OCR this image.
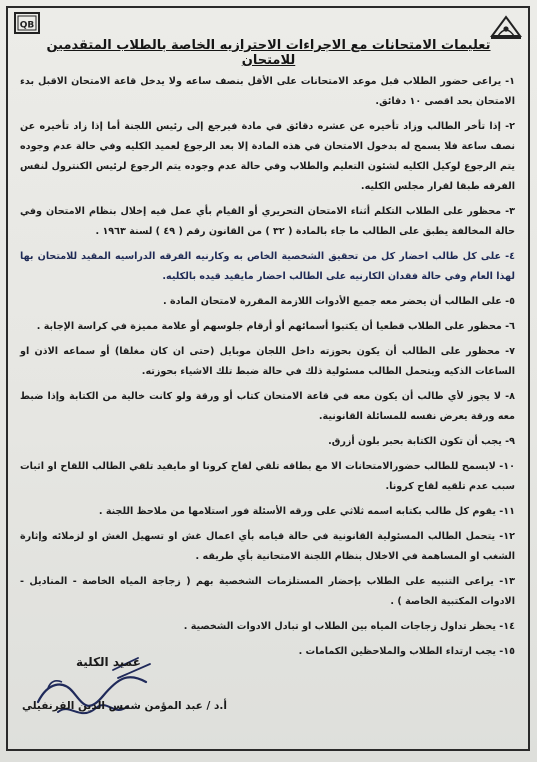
QB
تعليمات الامتحانات مع الاجراءات الاحترازيه الخاصة بالطلاب المتقدمين للامتحان
١- يراعى حضور الطلاب قبل موعد الامتحانات على الأقل بنصف ساعه ولا يدخل قاعة الامتحان الاقبل بدء الامتحان بحد اقصى ١٠ دقائق.
٢- إذا تأخر الطالب وزاد تأخيره عن عشره دقائق في مادة فيرجع إلى رئيس اللجنة أما إذا زاد تأخيره عن نصف ساعة فلا يسمح له بدخول الامتحان في هذه المادة إلا بعد الرجوع لعميد الكليه وفي حالة عدم وجوده يتم الرجوع لوكيل الكليه لشئون التعليم والطلاب وفي حالة عدم وجوده يتم الرجوع لرئيس الكنترول لنفس الفرقه طبقا لقرار مجلس الكليه.
٣- محظور على الطلاب التكلم أثناء الامتحان التحريري أو القيام بأي عمل فيه إخلال بنظام الامتحان وفي حالة المخالفة يطبق على الطالب ما جاء بالمادة ( ٣٢ ) من القانون رقم ( ٤٩ ) لسنة ١٩٦٣ .
٤- على كل طالب احضار كل من تحقيق الشخصية الخاص به وكارنيه الفرقه الدراسيه المقيد للامتحان بها لهذا العام وفي حالة فقدان الكارنيه على الطالب احضار مايفيد قيده بالكليه.
٥- على الطالب أن يحضر معه جميع الأدوات اللازمة المقررة لامتحان المادة .
٦- محظور على الطلاب قطعيا أن يكتبوا أسمائهم أو أرقام جلوسهم أو علامة مميزة في كراسة الإجابة .
٧- محظور على الطالب أن يكون بحوزته داخل اللجان موبايل (حتى ان كان مغلقا) أو سماعه الاذن او الساعات الذكيه ويتحمل الطالب مسئولية ذلك في حالة ضبط تلك الاشياء بحوزته.
٨- لا يجوز لأي طالب أن يكون معه في قاعة الامتحان كتاب أو ورقة ولو كانت خالية من الكتابة وإذا ضبط معه ورقة يعرض نفسه للمسائلة القانونية.
٩- يجب أن تكون الكتابة بحبر بلون أزرق.
١٠- لايسمح للطالب حضورالامتحانات الا مع بطاقه تلقي لقاح كرونا او مايفيد تلقي الطالب اللقاح او اثبات سبب عدم تلقيه لقاح كرونا.
١١- يقوم كل طالب بكتابه اسمه ثلاثي على ورقه الأسئلة فور استلامها من ملاحظ اللجنة .
١٢- يتحمل الطالب المسئولية القانونية في حالة قيامه بأي اعمال غش او تسهيل الغش او لزملائه وإثارة الشغب او المساهمة في الاخلال بنظام اللجنة الامتحانية بأي طريقه .
١٣- يراعى التنبيه على الطلاب بإحضار المستلزمات الشخصية بهم ( زجاجة المياه الخاصة - المناديل - الادوات المكتبية الخاصة ) .
١٤- يحظر تداول زجاجات المياه بين الطلاب او تبادل الادوات الشخصية .
١٥- يجب ارتداء الطلاب والملاحظين الكمامات .
عميد الكلية
أ.د / عبد المؤمن شمس الدين القرنفيلي
